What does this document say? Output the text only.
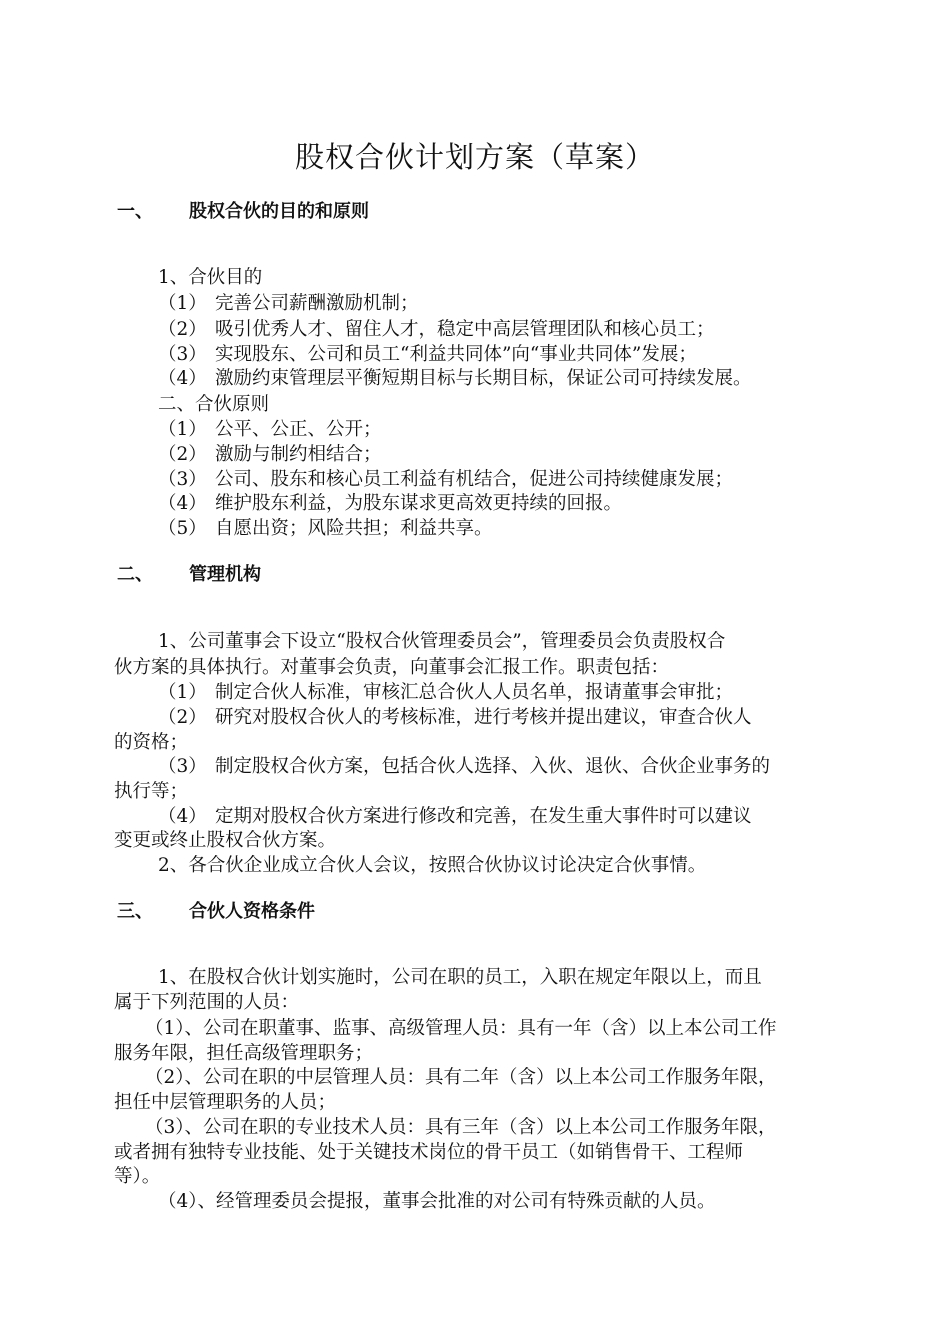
股权合伙计划方案（草案）
一、 股权合伙的目的和原则
1、合伙目的
（1） 完善公司薪酬激励机制；
（2） 吸引优秀人才、留住人才，稳定中高层管理团队和核心员工；
（3） 实现股东、公司和员工“利益共同体”向“事业共同体”发展；
（4） 激励约束管理层平衡短期目标与长期目标，保证公司可持续发展。
二、合伙原则
（1） 公平、公正、公开；
（2） 激励与制约相结合；
（3） 公司、股东和核心员工利益有机结合，促进公司持续健康发展；
（4） 维护股东利益，为股东谋求更高效更持续的回报。
（5） 自愿出资；风险共担；利益共享。
二、 管理机构
1、公司董事会下设立“股权合伙管理委员会”，管理委员会负责股权合
伙方案的具体执行。对董事会负责，向董事会汇报工作。职责包括：
（1） 制定合伙人标准，审核汇总合伙人人员名单，报请董事会审批；
（2） 研究对股权合伙人的考核标准，进行考核并提出建议，审查合伙人
的资格；
（3） 制定股权合伙方案，包括合伙人选择、入伙、退伙、合伙企业事务的
执行等；
（4） 定期对股权合伙方案进行修改和完善，在发生重大事件时可以建议
变更或终止股权合伙方案。
2、各合伙企业成立合伙人会议，按照合伙协议讨论决定合伙事情。
三、 合伙人资格条件
1、在股权合伙计划实施时，公司在职的员工，入职在规定年限以上，而且
属于下列范围的人员：
（1）、公司在职董事、监事、高级管理人员：具有一年（含）以上本公司工作
服务年限，担任高级管理职务；
（2）、公司在职的中层管理人员：具有二年（含）以上本公司工作服务年限，
担任中层管理职务的人员；
（3）、公司在职的专业技术人员：具有三年（含）以上本公司工作服务年限，
或者拥有独特专业技能、处于关键技术岗位的骨干员工（如销售骨干、工程师
等）。
（4）、经管理委员会提报，董事会批准的对公司有特殊贡献的人员。
